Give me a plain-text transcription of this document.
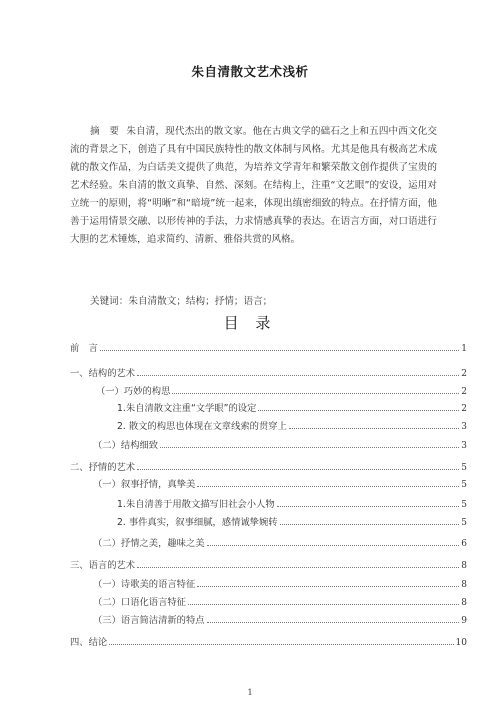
朱自清散文艺术浅析
摘　要 朱自清，现代杰出的散文家。他在古典文学的础石之上和五四中西文化交流的背景之下，创造了具有中国民族特性的散文体制与风格。尤其是他具有极高艺术成就的散文作品，为白话美文提供了典范，为培养文学青年和繁荣散文创作提供了宝贵的艺术经验。朱自清的散文真挚、自然、深刻。在结构上，注重“文艺眼”的安设，运用对立统一的原则，将“明晰”和“暗境”统一起来，体现出缜密细致的特点。在抒情方面，他善于运用情景交融、以形传神的手法，力求情感真挚的表达。在语言方面，对口语进行大胆的艺术锤炼，追求简约、清新、雅俗共赏的风格。
关键词：朱自清散文；结构；抒情；语言；
目 录
前　言	1
一、结构的艺术	2
（一）巧妙的构思	2
1.朱自清散文注重“文学眼”的设定	2
2. 散文的构思也体现在文章线索的贯穿上	3
（二）结构细致	3
二、抒情的艺术	5
（一）叙事抒情，真挚美	5
1.朱自清善于用散文描写旧社会小人物	5
2. 事件真实，叙事细腻，感情诚挚婉转	5
（二）抒情之美，趣味之美	6
三、语言的艺术	8
（一）诗歌美的语言特征	8
（二）口语化语言特征	8
（三）语言简洁清新的特点	9
四、结论	10
1
